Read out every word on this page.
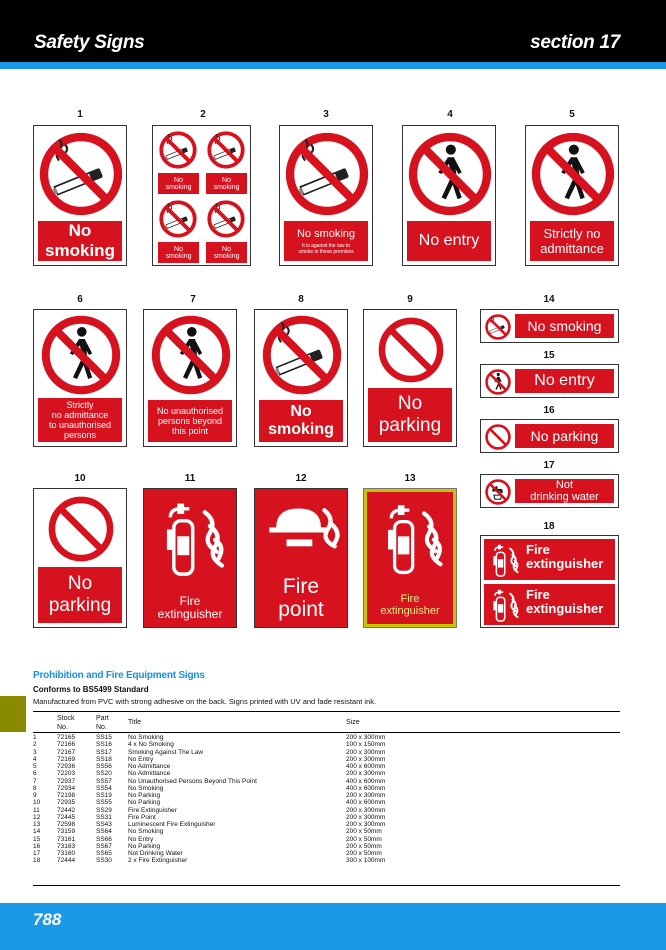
Safety Signs	section 17
1	2	3	4	5
6	7	8	9
10	11	12	13
14
15
16
17
18
No
smoking
No
smoking
No
smoking
No
smoking
No
smoking
No smoking
It is against the law to
smoke in these premises
No entry	Strictly no
admittance
Strictly
no admittance
to unauthorised
persons
No unauthorised
persons beyond
this point
No
smoking
No
parking
No
parking	Fire
extinguisher
Fire
point	Fire
extinguisher
No smoking
No entry
No parking
Not
drinking water
Fire
extinguisher
Fire
extinguisher
Prohibition and Fire Equipment Signs
Conforms to BS5499 Standard
Manufactured from PVC with strong adhesive on the back. Signs printed with UV and fade resistant ink.
Stock
No.
Part
No.
Title	Size
1	72165	SS15 No Smoking	200 x 300mm
2	72166	SS16 4 x No Smoking	100 x 150mm
3	72167	SS17 Smoking Against The Law	200 x 300mm
4	72169	SS18 No Entry	200 x 300mm
5	72936	SS56 No Admittance	400 x 600mm
6	72203	SS20 No Admittance	200 x 300mm
7	72937	SS57 No Unauthorised Persons Beyond This Point	400 x 600mm
8	72934	SS54 No Smoking	400 x 600mm
9	72198	SS19 No Parking	200 x 300mm
10	72935	SS55 No Parking	400 x 600mm
11	72442	SS29 Fire Extinguisher	200 x 300mm
12	72445	SS31 Fire Point	200 x 300mm
13	72598	SS43 Luminescent Fire Extinguisher	200 x 300mm
14	73159	SS64 No Smoking	200 x 50mm
15	73161	SS66 No Entry	200 x 50mm
16	73163	SS67 No Parking	200 x 50mm
17	73160	SS65 Not Drinking Water	200 x 50mm
18	72444	SS30 2 x Fire Extinguisher	300 x 100mm
788
